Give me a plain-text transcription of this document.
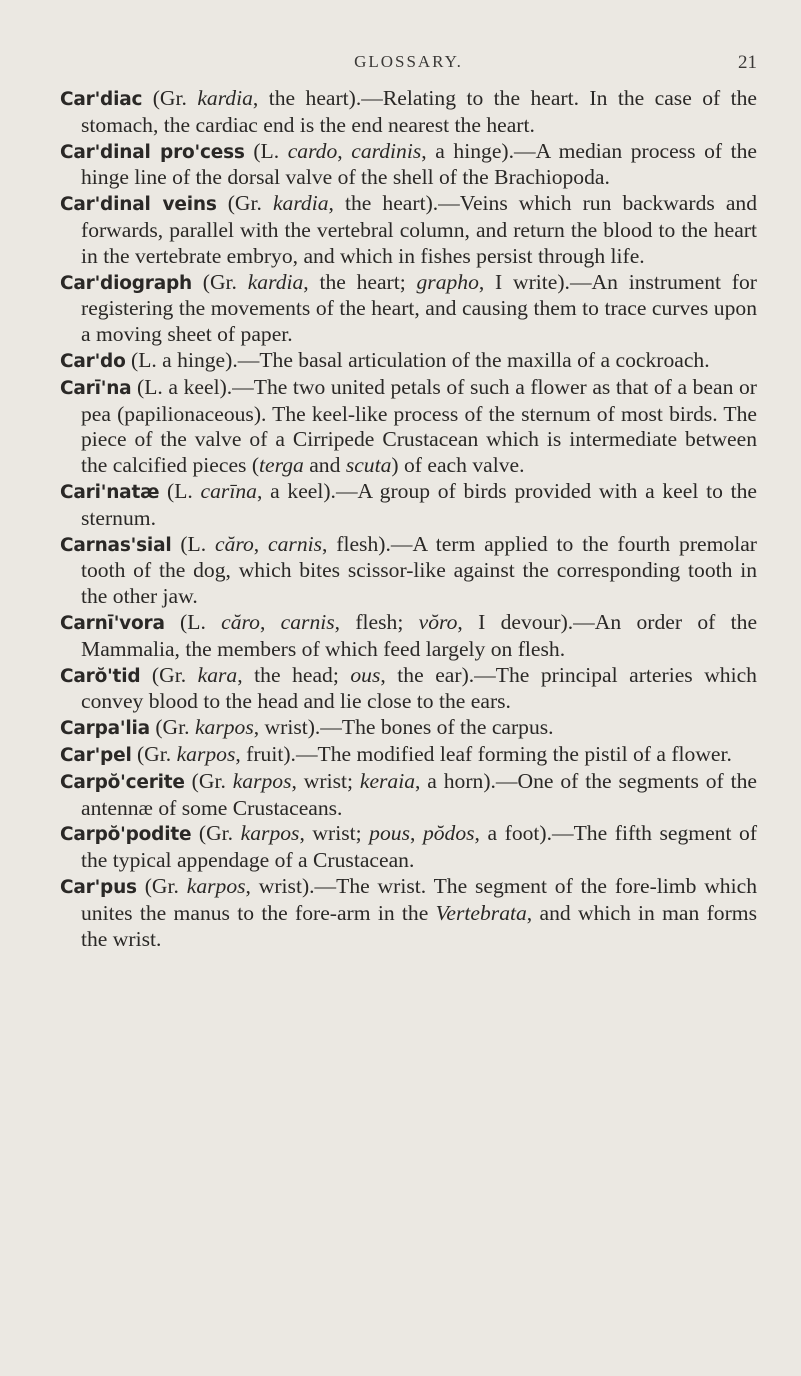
GLOSSARY.	21

Car'diac (Gr. kardia, the heart).—Relating to the heart. In the case of the stomach, the cardiac end is the end nearest the heart.

Car'dinal pro'cess (L. cardo, cardinis, a hinge).—A median process of the hinge line of the dorsal valve of the shell of the Brachiopoda.

Car'dinal veins (Gr. kardia, the heart).—Veins which run backwards and forwards, parallel with the vertebral column, and return the blood to the heart in the vertebrate embryo, and which in fishes persist through life.

Car'diograph (Gr. kardia, the heart; grapho, I write).—An instrument for registering the movements of the heart, and causing them to trace curves upon a moving sheet of paper.

Car'do (L. a hinge).—The basal articulation of the maxilla of a cockroach.

Carī'na (L. a keel).—The two united petals of such a flower as that of a bean or pea (papilionaceous). The keel-like process of the sternum of most birds. The piece of the valve of a Cirripede Crustacean which is intermediate between the calcified pieces (terga and scuta) of each valve.

Cari'natæ (L. carīna, a keel).—A group of birds provided with a keel to the sternum.

Carnas'sial (L. căro, carnis, flesh).—A term applied to the fourth premolar tooth of the dog, which bites scissor-like against the corresponding tooth in the other jaw.

Carnī'vora (L. căro, carnis, flesh; vŏro, I devour).—An order of the Mammalia, the members of which feed largely on flesh.

Carŏ'tid (Gr. kara, the head; ous, the ear).—The principal arteries which convey blood to the head and lie close to the ears.

Carpa'lia (Gr. karpos, wrist).—The bones of the carpus.

Car'pel (Gr. karpos, fruit).—The modified leaf forming the pistil of a flower.

Carpŏ'cerite (Gr. karpos, wrist; keraia, a horn).—One of the segments of the antennæ of some Crustaceans.

Carpŏ'podite (Gr. karpos, wrist; pous, pŏdos, a foot).—The fifth segment of the typical appendage of a Crustacean.

Car'pus (Gr. karpos, wrist).—The wrist. The segment of the fore-limb which unites the manus to the fore-arm in the Vertebrata, and which in man forms the wrist.
